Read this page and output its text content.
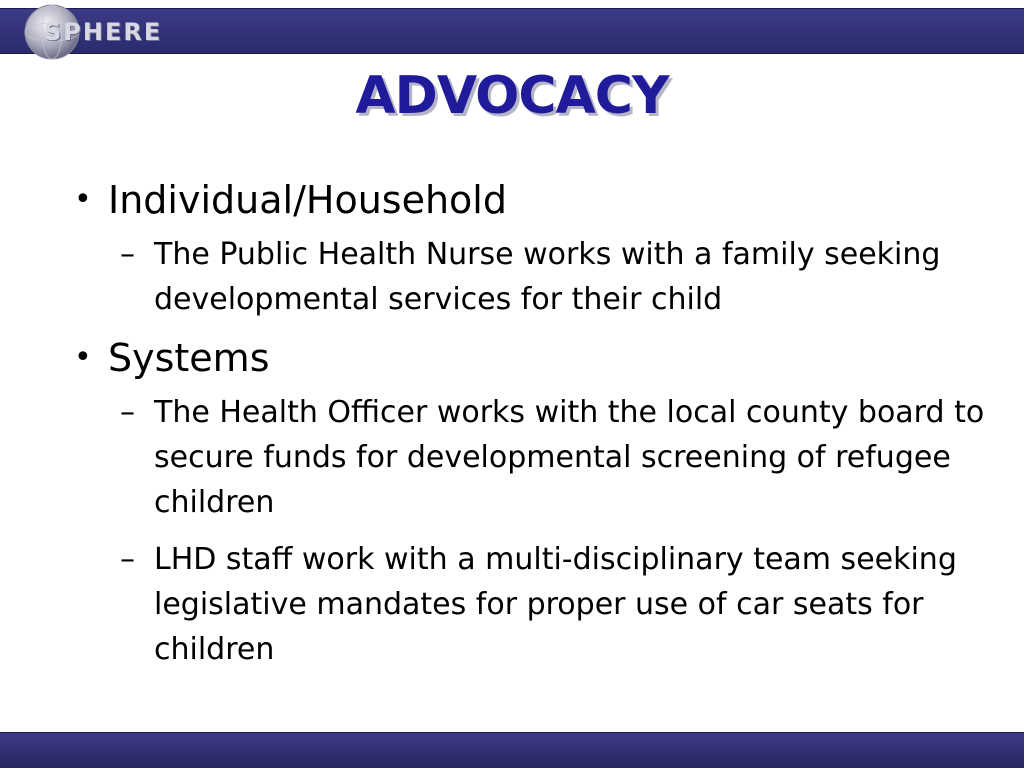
SPHERE
ADVOCACY
• Individual/Household
– The Public Health Nurse works with a family seeking developmental services for their child
• Systems
– The Health Officer works with the local county board to secure funds for developmental screening of refugee children
– LHD staff work with a multi-disciplinary team seeking legislative mandates for proper use of car seats for children
